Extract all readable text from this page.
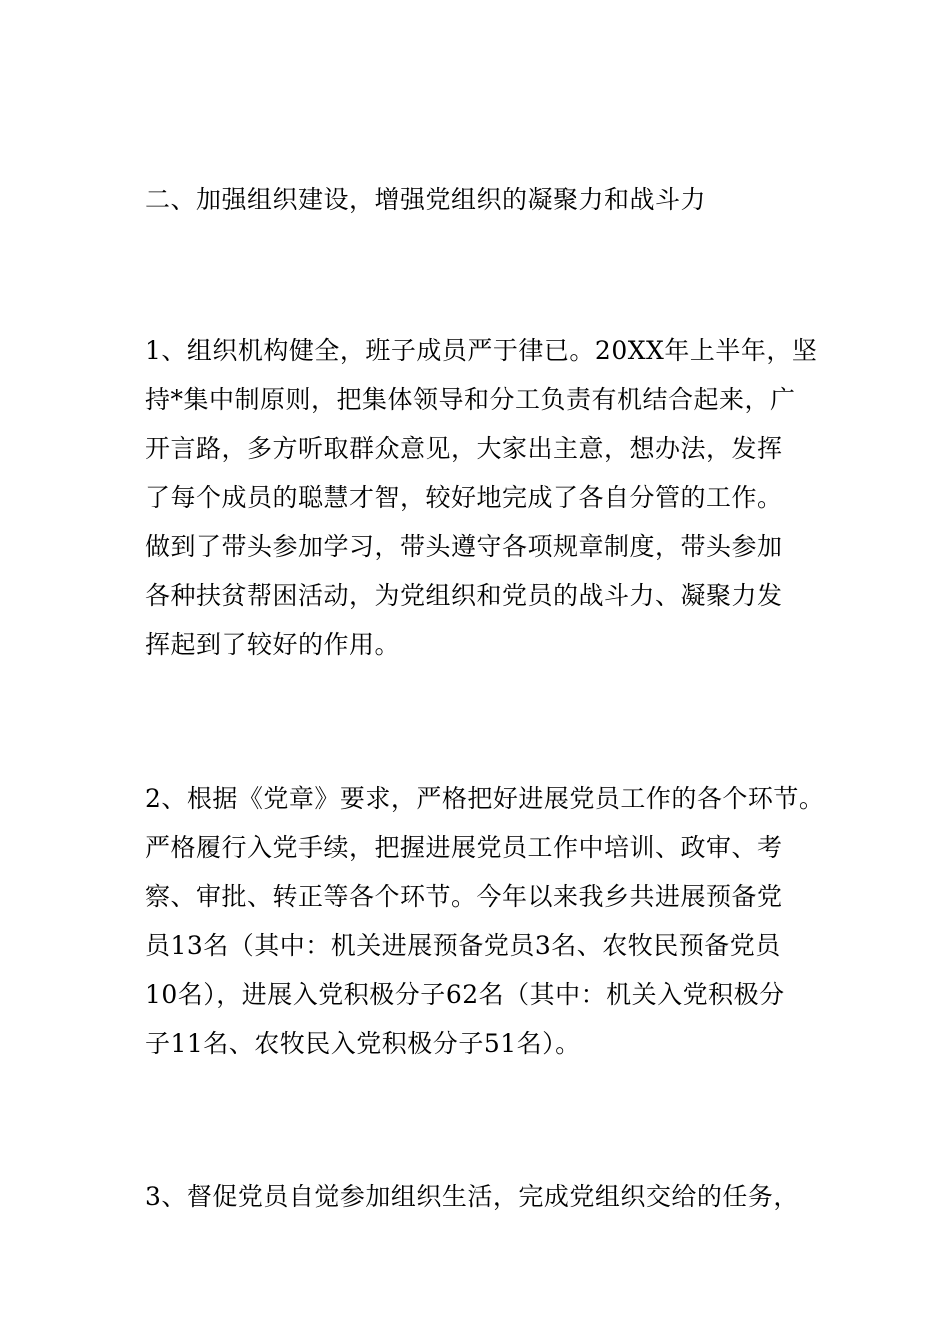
二、加强组织建设，增强党组织的凝聚力和战斗力
1、组织机构健全，班子成员严于律已。20XX年上半年，坚
持*集中制原则，把集体领导和分工负责有机结合起来，广
开言路，多方听取群众意见，大家出主意，想办法，发挥
了每个成员的聪慧才智，较好地完成了各自分管的工作。
做到了带头参加学习，带头遵守各项规章制度，带头参加
各种扶贫帮困活动，为党组织和党员的战斗力、凝聚力发
挥起到了较好的作用。
2、根据《党章》要求，严格把好进展党员工作的各个环节。
严格履行入党手续，把握进展党员工作中培训、政审、考
察、审批、转正等各个环节。今年以来我乡共进展预备党
员13名（其中：机关进展预备党员3名、农牧民预备党员
10名），进展入党积极分子62名（其中：机关入党积极分
子11名、农牧民入党积极分子51名）。
3、督促党员自觉参加组织生活，完成党组织交给的任务，
